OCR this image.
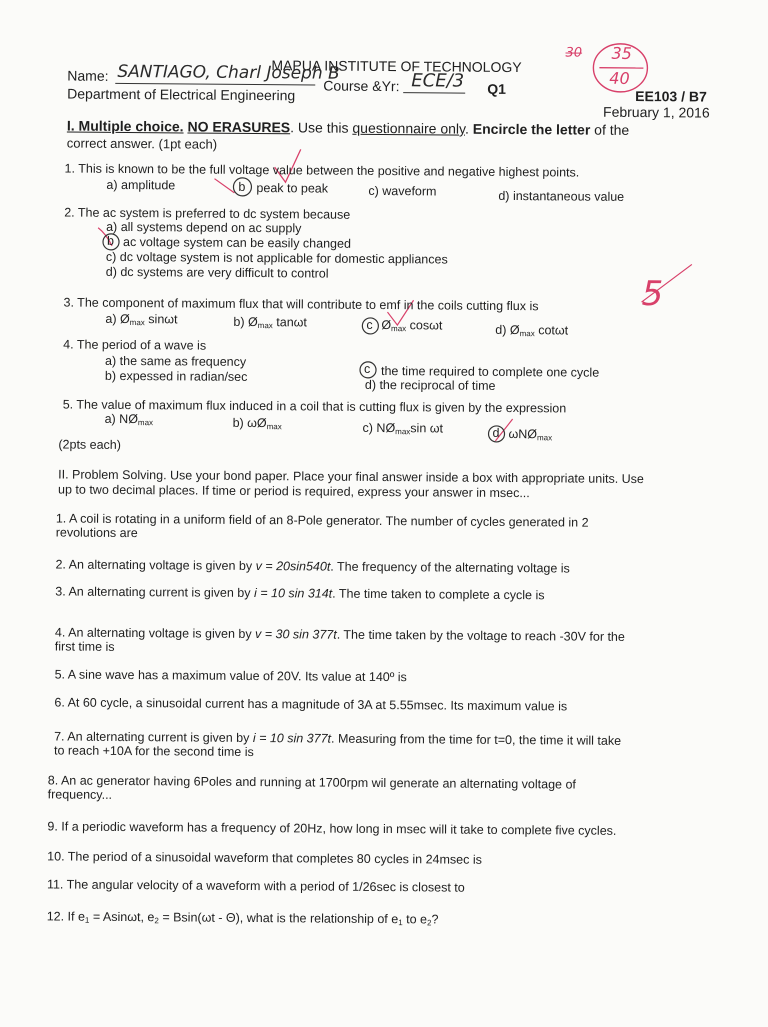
MAPUA INSTITUTE OF TECHNOLOGY
Name: SANTIAGO, Charl Joseph B
Course &Yr: ECE/3 Q1
Department of Electrical Engineering	EE103 / B7
February 1, 2016
35
40
30
I. Multiple choice. NO ERASURES. Use this questionnaire only. Encircle the letter of the
correct answer. (1pt each)
5
1. This is known to be the full voltage value between the positive and negative highest points.
a) amplitude	b peak to peak	c) waveform	d) instantaneous value
2. The ac system is preferred to dc system because
a) all systems depend on ac supply
b ac voltage system can be easily changed
c) dc voltage system is not applicable for domestic appliances
d) dc systems are very difficult to control
3. The component of maximum flux that will contribute to emf in the coils cutting flux is
a) $Ø_{max}$ sinωt	b) $Ø_{max}$ tanωt	c $Ø_{max}$ cosωt	d) $Ø_{max}$ cotωt
4. The period of a wave is
a) the same as frequency
b) expessed in radian/sec	c the time required to complete one cycle
d) the reciprocal of time
5. The value of maximum flux induced in a coil that is cutting flux is given by the expression
a) $NØ_{max}$	b) $\omega Ø_{max}$	c) $NØ_{max}\sin$ ωt	d ωNØ$_{max}$
(2pts each)
II. Problem Solving. Use your bond paper. Place your final answer inside a box with appropriate units. Use
up to two decimal places. If time or period is required, express your answer in msec...
1. A coil is rotating in a uniform field of an 8-Pole generator. The number of cycles generated in 2
revolutions are
2. An alternating voltage is given by v = 20sin540t. The frequency of the alternating voltage is
3. An alternating current is given by i = 10 sin 314t. The time taken to complete a cycle is
4. An alternating voltage is given by v = 30 sin 377t. The time taken by the voltage to reach -30V for the
first time is
5. A sine wave has a maximum value of 20V. Its value at 140º is
6. At 60 cycle, a sinusoidal current has a magnitude of 3A at 5.55msec. Its maximum value is
7. An alternating current is given by i = 10 sin 377t. Measuring from the time for t=0, the time it will take
to reach +10A for the second time is
8. An ac generator having 6Poles and running at 1700rpm wil generate an alternating voltage of
frequency...
9. If a periodic waveform has a frequency of 20Hz, how long in msec will it take to complete five cycles.
10. The period of a sinusoidal waveform that completes 80 cycles in 24msec is
11. The angular velocity of a waveform with a period of 1/26sec is closest to
12. If $e_1 = Asin\omega t$, $e_2 = Bsin(\omega t - \Theta)$, what is the relationship of $e_1$ to $e_2$?
